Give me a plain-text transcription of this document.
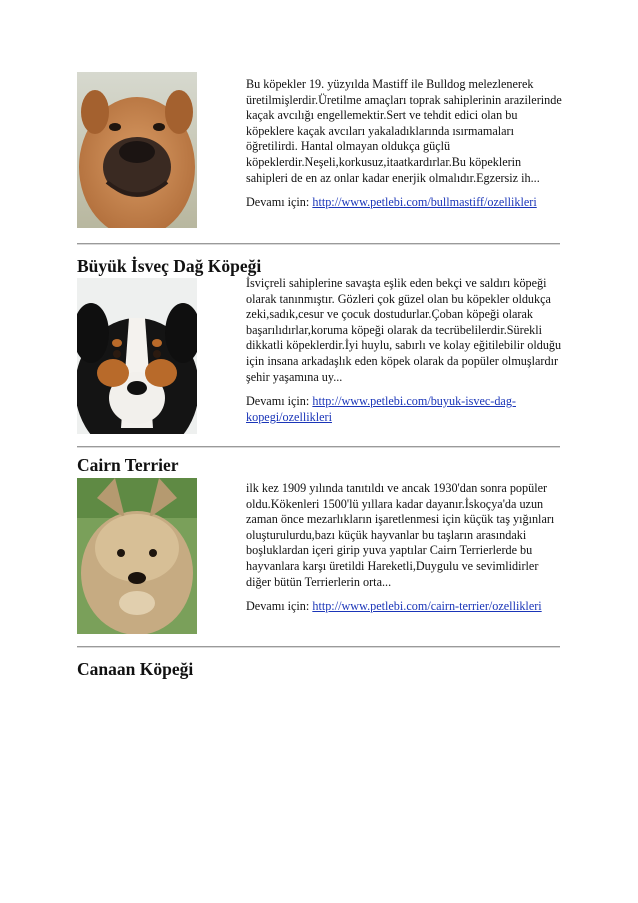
Bu köpekler 19. yüzyılda Mastiff ile Bulldog melezlenerek üretilmişlerdir.Üretilme amaçları toprak sahiplerinin arazilerinde kaçak avcılığı engellemektir.Sert ve tehdit edici olan bu köpeklere kaçak avcıları yakaladıklarında ısırmamaları öğretilirdi. Hantal olmayan oldukça güçlü köpeklerdir.Neşeli,korkusuz,itaatkardırlar.Bu köpeklerin sahipleri de en az onlar kadar enerjik olmalıdır.Egzersiz ih...

Devamı için: http://www.petlebi.com/bullmastiff/ozellikleri

Büyük İsveç Dağ Köpeği

İsviçreli sahiplerine savaşta eşlik eden bekçi ve saldırı köpeği olarak tanınmıştır. Gözleri çok güzel olan bu köpekler oldukça zeki,sadık,cesur ve çocuk dostudurlar.Çoban köpeği olarak başarılıdırlar,koruma köpeği olarak da tecrübelilerdir.Sürekli dikkatli köpeklerdir.İyi huylu, sabırlı ve kolay eğitilebilir olduğu için insana arkadaşlık eden köpek olarak da popüler olmuşlardır şehir yaşamına uy...

Devamı için: http://www.petlebi.com/buyuk-isvec-dag-kopegi/ozellikleri

Cairn Terrier

ilk kez 1909 yılında tanıtıldı ve ancak 1930'dan sonra popüler oldu.Kökenleri 1500'lü yıllara kadar dayanır.İskoçya'da uzun zaman önce mezarlıkların işaretlenmesi için küçük taş yığınları oluşturulurdu,bazı küçük hayvanlar bu taşların arasındaki boşluklardan içeri girip yuva yaptılar Cairn Terrierlerde bu hayvanlara karşı üretildi Hareketli,Duygulu ve sevimlidirler diğer bütün Terrierlerin orta...

Devamı için: http://www.petlebi.com/cairn-terrier/ozellikleri

Canaan Köpeği
